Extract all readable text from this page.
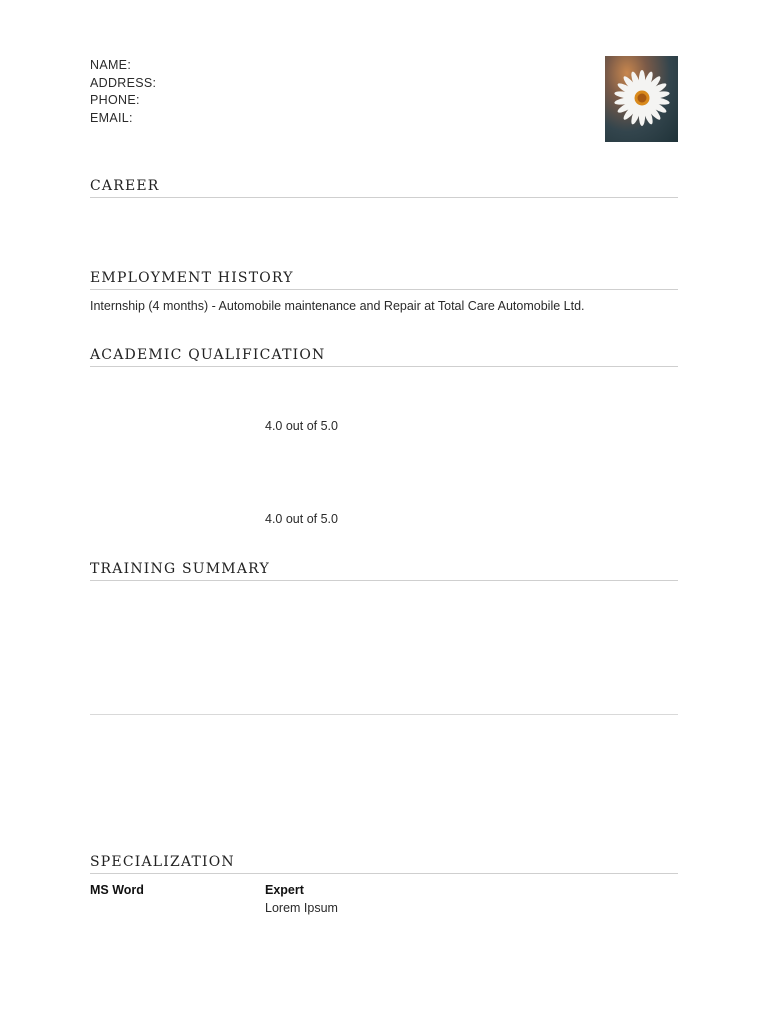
NAME:
ADDRESS:
PHONE:
EMAIL:
CAREER
EMPLOYMENT HISTORY
Internship (4 months) - Automobile maintenance and Repair at Total Care Automobile Ltd.
ACADEMIC QUALIFICATION
4.0 out of 5.0
4.0 out of 5.0
TRAINING SUMMARY
SPECIALIZATION
MS Word	Expert
Lorem Ipsum
